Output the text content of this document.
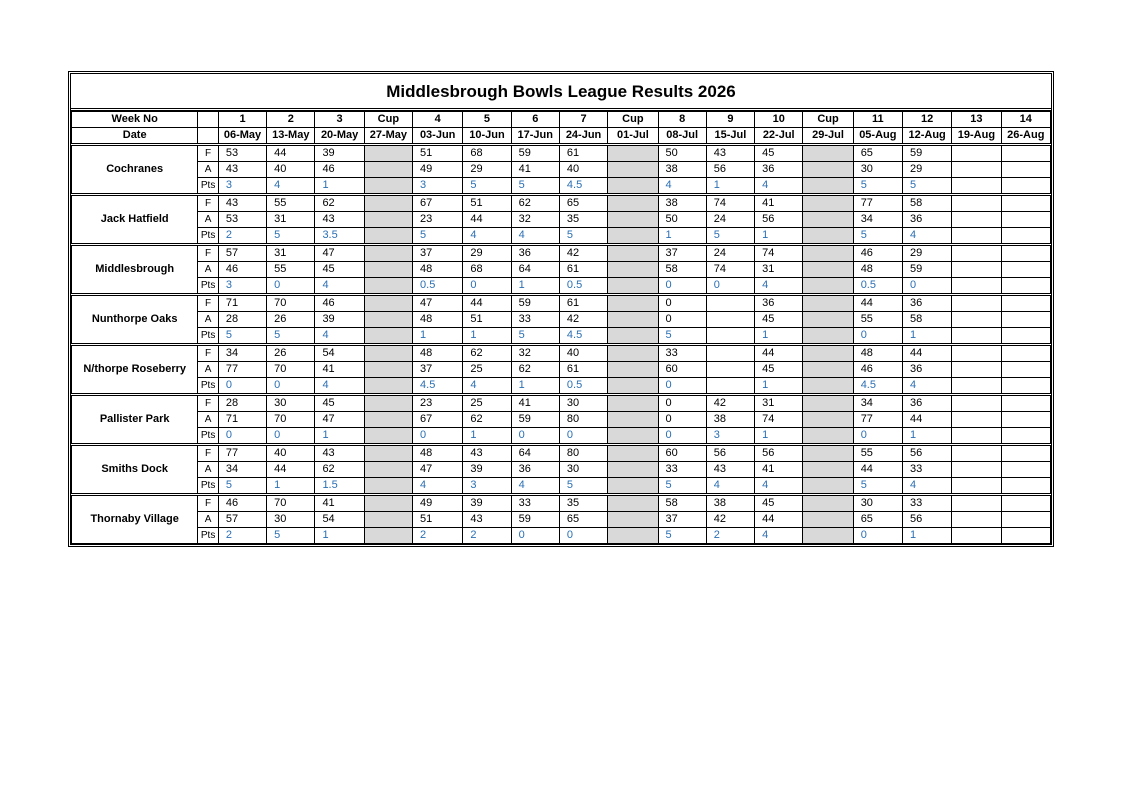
Middlesbrough Bowls League Results 2026
Week No		1	2	3	Cup	4	5	6	7	Cup	8	9	10	Cup	11	12	13	14
Date		06-May	13-May	20-May	27-May	03-Jun	10-Jun	17-Jun	24-Jun	01-Jul	08-Jul	15-Jul	22-Jul	29-Jul	05-Aug	12-Aug	19-Aug	26-Aug
Cochranes	F	53	44	39		51	68	59	61		50	43	45		65	59		
	A	43	40	46		49	29	41	40		38	56	36		30	29		
	Pts	3	4	1		3	5	5	4.5		4	1	4		5	5		
Jack Hatfield	F	43	55	62		67	51	62	65		38	74	41		77	58		
	A	53	31	43		23	44	32	35		50	24	56		34	36		
	Pts	2	5	3.5		5	4	4	5		1	5	1		5	4		
Middlesbrough	F	57	31	47		37	29	36	42		37	24	74		46	29		
	A	46	55	45		48	68	64	61		58	74	31		48	59		
	Pts	3	0	4		0.5	0	1	0.5		0	0	4		0.5	0		
Nunthorpe Oaks	F	71	70	46		47	44	59	61		0		36		44	36		
	A	28	26	39		48	51	33	42		0		45		55	58		
	Pts	5	5	4		1	1	5	4.5		5		1		0	1		
N/thorpe Roseberry	F	34	26	54		48	62	32	40		33		44		48	44		
	A	77	70	41		37	25	62	61		60		45		46	36		
	Pts	0	0	4		4.5	4	1	0.5		0		1		4.5	4		
Pallister Park	F	28	30	45		23	25	41	30		0	42	31		34	36		
	A	71	70	47		67	62	59	80		0	38	74		77	44		
	Pts	0	0	1		0	1	0	0		0	3	1		0	1		
Smiths Dock	F	77	40	43		48	43	64	80		60	56	56		55	56		
	A	34	44	62		47	39	36	30		33	43	41		44	33		
	Pts	5	1	1.5		4	3	4	5		5	4	4		5	4		
Thornaby Village	F	46	70	41		49	39	33	35		58	38	45		30	33		
	A	57	30	54		51	43	59	65		37	42	44		65	56		
	Pts	2	5	1		2	2	0	0		5	2	4		0	1		
